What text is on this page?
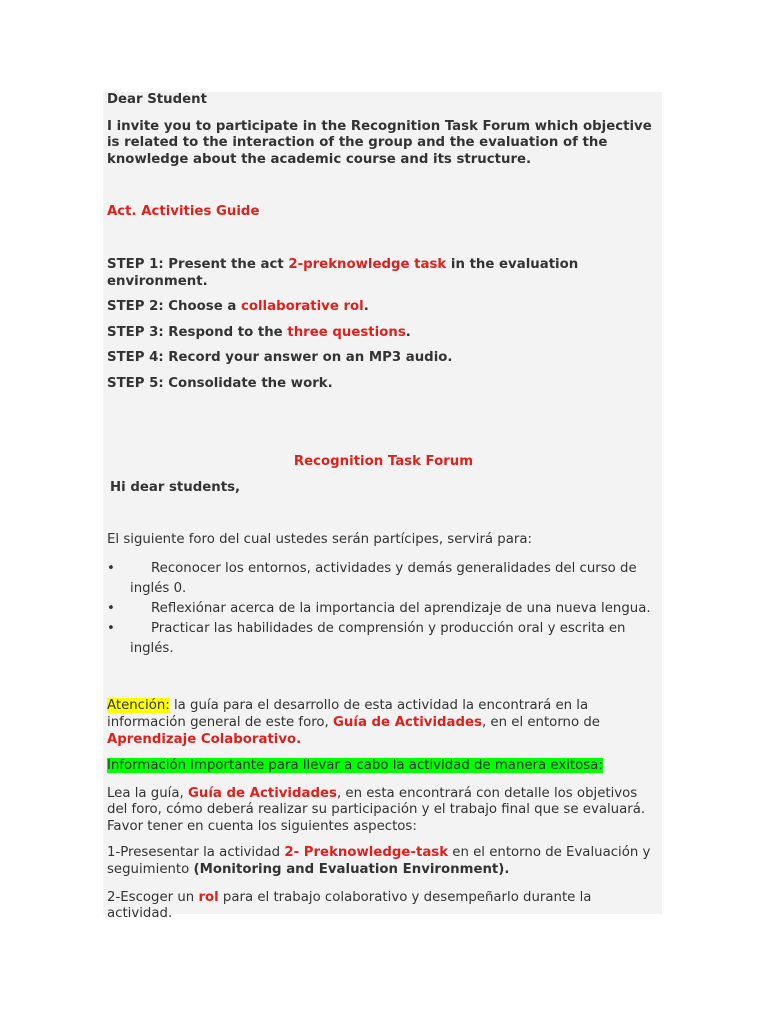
Dear Student

I invite you to participate in the Recognition Task Forum which objective is related to the interaction of the group and the evaluation of the knowledge about the academic course and its structure.

Act. Activities Guide

STEP 1: Present the act 2-preknowledge task in the evaluation environment.

STEP 2: Choose a collaborative rol.

STEP 3: Respond to the three questions.

STEP 4: Record your answer on an MP3 audio.

STEP 5: Consolidate the work.

Recognition Task Forum

Hi dear students,

El siguiente foro del cual ustedes serán partícipes, servirá para:

•	Reconocer los entornos, actividades y demás generalidades del curso de inglés 0.
•	Reflexiónar acerca de la importancia del aprendizaje de una nueva lengua.
•	Practicar las habilidades de comprensión y producción oral y escrita en inglés.

Atención: la guía para el desarrollo de esta actividad la encontrará en la información general de este foro, Guía de Actividades, en el entorno de Aprendizaje Colaborativo.

Información importante para llevar a cabo la actividad de manera exitosa:

Lea la guía, Guía de Actividades, en esta encontrará con detalle los objetivos del foro, cómo deberá realizar su participación y el trabajo final que se evaluará. Favor tener en cuenta los siguientes aspectos:

1-Presesentar la actividad 2- Preknowledge-task en el entorno de Evaluación y seguimiento (Monitoring and Evaluation Environment).

2-Escoger un rol para el trabajo colaborativo y desempeñarlo durante la actividad.
